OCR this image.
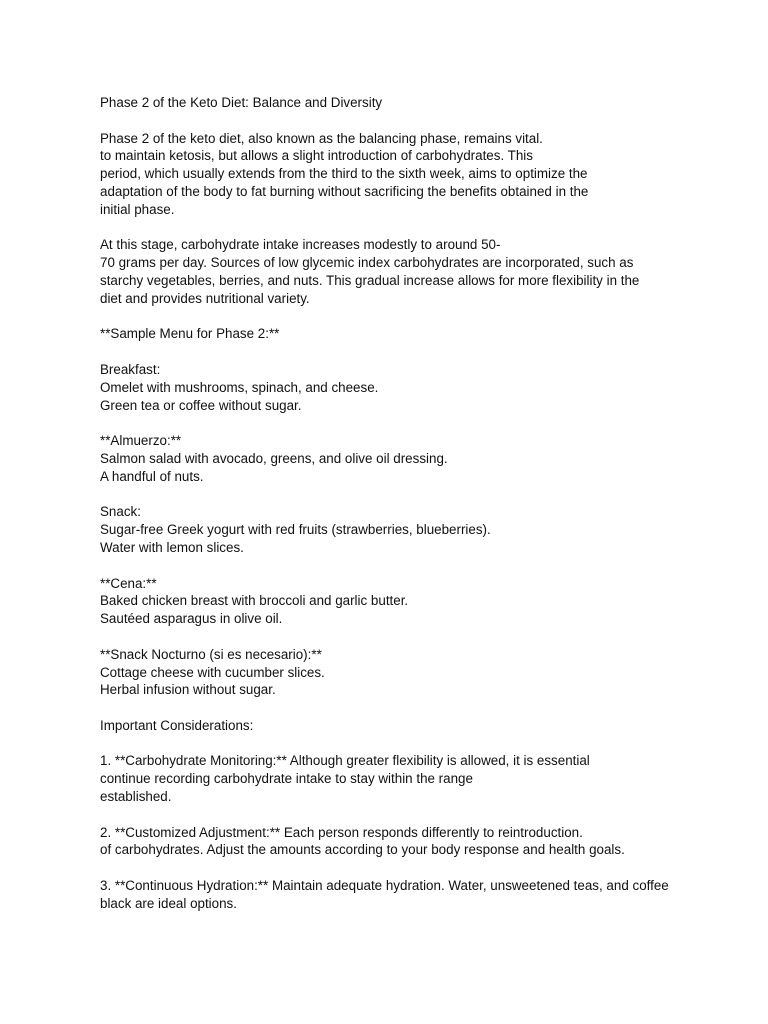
Phase 2 of the Keto Diet: Balance and Diversity
Phase 2 of the keto diet, also known as the balancing phase, remains vital.
to maintain ketosis, but allows a slight introduction of carbohydrates. This
period, which usually extends from the third to the sixth week, aims to optimize the
adaptation of the body to fat burning without sacrificing the benefits obtained in the
initial phase.
At this stage, carbohydrate intake increases modestly to around 50-
70 grams per day. Sources of low glycemic index carbohydrates are incorporated, such as
starchy vegetables, berries, and nuts. This gradual increase allows for more flexibility in the
diet and provides nutritional variety.
**Sample Menu for Phase 2:**
Breakfast:
Omelet with mushrooms, spinach, and cheese.
Green tea or coffee without sugar.
**Almuerzo:**
Salmon salad with avocado, greens, and olive oil dressing.
A handful of nuts.
Snack:
Sugar-free Greek yogurt with red fruits (strawberries, blueberries).
Water with lemon slices.
**Cena:**
Baked chicken breast with broccoli and garlic butter.
Sautéed asparagus in olive oil.
**Snack Nocturno (si es necesario):**
Cottage cheese with cucumber slices.
Herbal infusion without sugar.
Important Considerations:
1. **Carbohydrate Monitoring:** Although greater flexibility is allowed, it is essential
continue recording carbohydrate intake to stay within the range
established.
2. **Customized Adjustment:** Each person responds differently to reintroduction.
of carbohydrates. Adjust the amounts according to your body response and health goals.
3. **Continuous Hydration:** Maintain adequate hydration. Water, unsweetened teas, and coffee
black are ideal options.
